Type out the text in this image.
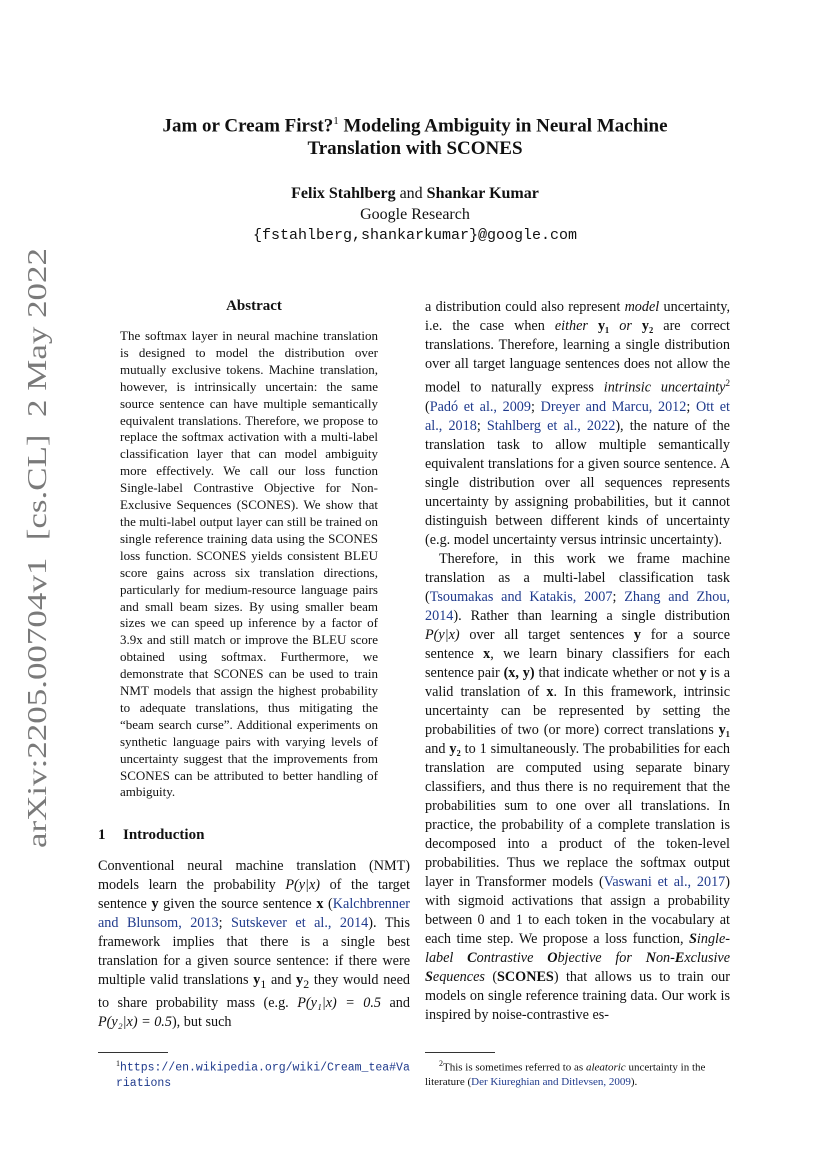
arXiv:2205.00704v1  [cs.CL]  2 May 2022
Jam or Cream First?$^1$ Modeling Ambiguity in Neural Machine
Translation with SCONES
Felix Stahlberg and Shankar Kumar
Google Research
{fstahlberg,shankarkumar}@google.com
Abstract
The softmax layer in neural machine translation is designed to model the distribution over mutually exclusive tokens. Machine translation, however, is intrinsically uncertain: the same source sentence can have multiple semantically equivalent translations. Therefore, we propose to replace the softmax activation with a multi-label classification layer that can model ambiguity more effectively. We call our loss function Single-label Contrastive Objective for Non-Exclusive Sequences (SCONES). We show that the multi-label output layer can still be trained on single reference training data using the SCONES loss function. SCONES yields consistent BLEU score gains across six translation directions, particularly for medium-resource language pairs and small beam sizes. By using smaller beam sizes we can speed up inference by a factor of 3.9x and still match or improve the BLEU score obtained using softmax. Furthermore, we demonstrate that SCONES can be used to train NMT models that assign the highest probability to adequate translations, thus mitigating the “beam search curse”. Additional experiments on synthetic language pairs with varying levels of uncertainty suggest that the improvements from SCONES can be attributed to better handling of ambiguity.
1 Introduction

Conventional neural machine translation (NMT) models learn the probability P(y|x) of the target sentence y given the source sentence x (Kalchbrenner and Blunsom, 2013; Sutskever et al., 2014). This framework implies that there is a single best translation for a given source sentence: if there were multiple valid translations $y_1$ and $y_2$ they would need to share probability mass (e.g. P(y₁|x) = 0.5 and P(y₂|x) = 0.5), but such

a distribution could also represent model uncertainty, i.e. the case when either y₁ or y₂ are correct translations. Therefore, learning a single distribution over all target language sentences does not allow the model to naturally express intrinsic uncertainty$^2$ (Padó et al., 2009; Dreyer and Marcu, 2012; Ott et al., 2018; Stahlberg et al., 2022), the nature of the translation task to allow multiple semantically equivalent translations for a given source sentence. A single distribution over all sequences represents uncertainty by assigning probabilities, but it cannot distinguish between different kinds of uncertainty (e.g. model uncertainty versus intrinsic uncertainty).

Therefore, in this work we frame machine translation as a multi-label classification task (Tsoumakas and Katakis, 2007; Zhang and Zhou, 2014). Rather than learning a single distribution P(y|x) over all target sentences y for a source sentence x, we learn binary classifiers for each sentence pair (x, y) that indicate whether or not y is a valid translation of x. In this framework, intrinsic uncertainty can be represented by setting the probabilities of two (or more) correct translations y₁ and y₂ to 1 simultaneously. The probabilities for each translation are computed using separate binary classifiers, and thus there is no requirement that the probabilities sum to one over all translations. In practice, the probability of a complete translation is decomposed into a product of the token-level probabilities. Thus we replace the softmax output layer in Transformer models (Vaswani et al., 2017) with sigmoid activations that assign a probability between 0 and 1 to each token in the vocabulary at each time step. We propose a loss function, Single-label Contrastive Objective for Non-Exclusive Sequences (SCONES) that allows us to train our models on single reference training data. Our work is inspired by noise-contrastive es-

$^1$https://en.wikipedia.org/wiki/Cream_tea#Variations
$^2$This is sometimes referred to as aleatoric uncertainty in the literature (Der Kiureghian and Ditlevsen, 2009).
